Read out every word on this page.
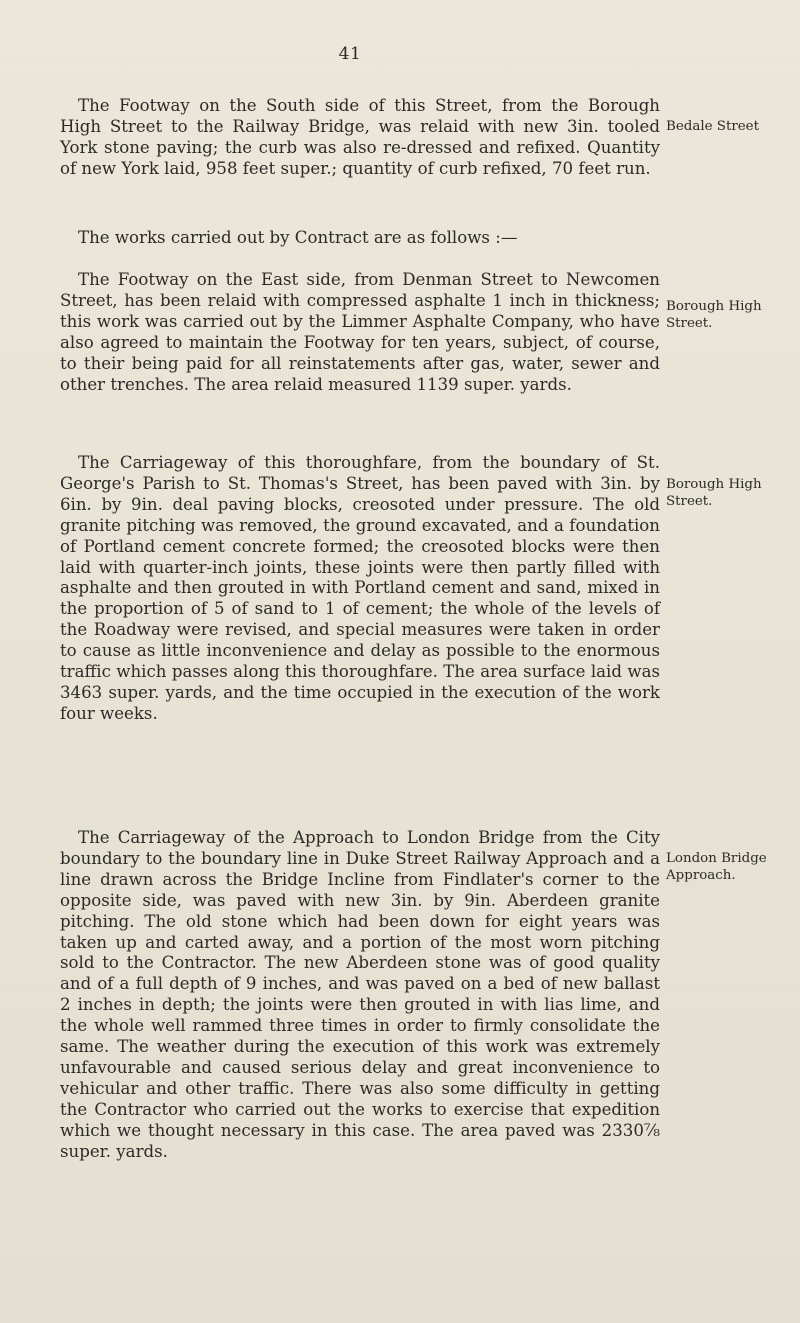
41

The Footway on the South side of this Street, from the Borough High Street to the Railway Bridge, was relaid with new 3in. tooled York stone paving; the curb was also re-dressed and refixed. Quantity of new York laid, 958 feet super.; quantity of curb refixed, 70 feet run.

Bedale Street

The works carried out by Contract are as follows :—

The Footway on the East side, from Denman Street to Newcomen Street, has been relaid with compressed asphalte 1 inch in thickness; this work was carried out by the Limmer Asphalte Company, who have also agreed to maintain the Footway for ten years, subject, of course, to their being paid for all reinstatements after gas, water, sewer and other trenches. The area relaid measured 1139 super. yards.

Borough High Street.

The Carriageway of this thoroughfare, from the boundary of St. George's Parish to St. Thomas's Street, has been paved with 3in. by 6in. by 9in. deal paving blocks, creosoted under pressure. The old granite pitching was removed, the ground excavated, and a foundation of Portland cement concrete formed; the creosoted blocks were then laid with quarter-inch joints, these joints were then partly filled with asphalte and then grouted in with Portland cement and sand, mixed in the proportion of 5 of sand to 1 of cement; the whole of the levels of the Roadway were revised, and special measures were taken in order to cause as little inconvenience and delay as possible to the enormous traffic which passes along this thoroughfare. The area surface laid was 3463 super. yards, and the time occupied in the execution of the work four weeks.

Borough High Street.

The Carriageway of the Approach to London Bridge from the City boundary to the boundary line in Duke Street Railway Approach and a line drawn across the Bridge Incline from Findlater's corner to the opposite side, was paved with new 3in. by 9in. Aberdeen granite pitching. The old stone which had been down for eight years was taken up and carted away, and a portion of the most worn pitching sold to the Contractor. The new Aberdeen stone was of good quality and of a full depth of 9 inches, and was paved on a bed of new ballast 2 inches in depth; the joints were then grouted in with lias lime, and the whole well rammed three times in order to firmly consolidate the same. The weather during the execution of this work was extremely unfavourable and caused serious delay and great inconvenience to vehicular and other traffic. There was also some difficulty in getting the Contractor who carried out the works to exercise that expedition which we thought necessary in this case. The area paved was 2330⅞ super. yards.

London Bridge Approach.
